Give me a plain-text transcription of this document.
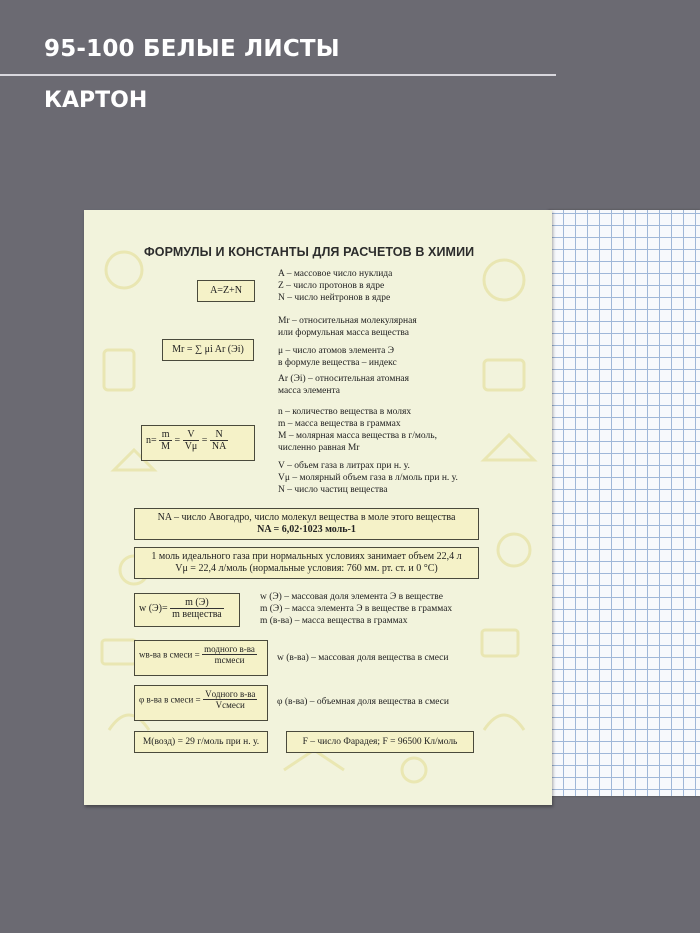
95-100 БЕЛЫЕ ЛИСТЫ
КАРТОН
ФОРМУЛЫ И КОНСТАНТЫ ДЛЯ РАСЧЕТОВ В ХИМИИ
A=Z+N
A – массовое число нуклида
Z – число протонов в ядре
N – число нейтронов в ядре
Mr = ∑ μi Ar (Эi)
Mr – относительная молекулярная
или формульная масса вещества
μ – число атомов элемента Э
в формуле вещества – индекс
Ar (Эi) – относительная атомная
масса элемента
$n= \frac{m}{M} = \frac{V}{V\mu} = \frac{N}{NA}$
n – количество вещества в молях
m – масса вещества в граммах
M – молярная масса вещества в г/моль,
численно равная Mr
V – объем газа в литрах при н. у.
Vμ – молярный объем газа в л/моль при н. у.
N – число частиц вещества
NA – число Авогадро, число молекул вещества в моле этого вещества
NA = 6,02·1023 моль-1
1 моль идеального газа при нормальных условиях занимает объем 22,4 л
Vμ = 22,4 л/моль (нормальные условия: 760 мм. рт. ст. и 0 °С)
w (Э)=
m (Э)
m вещества
w (Э) – массовая доля элемента Э в веществе
m (Э) – масса элемента Э в веществе в граммах
m (в-ва) – масса вещества в граммах
wв-ва в смеси =
mодного в-ва
mсмеси	w (в-ва) – массовая доля вещества в смеси
φ в-ва в смеси =
Vодного в-ва
Vсмеси	φ (в-ва) – объемная доля вещества в смеси
M(возд) = 29 г/моль при н. у.	F – число Фарадея; F = 96500 Кл/моль
